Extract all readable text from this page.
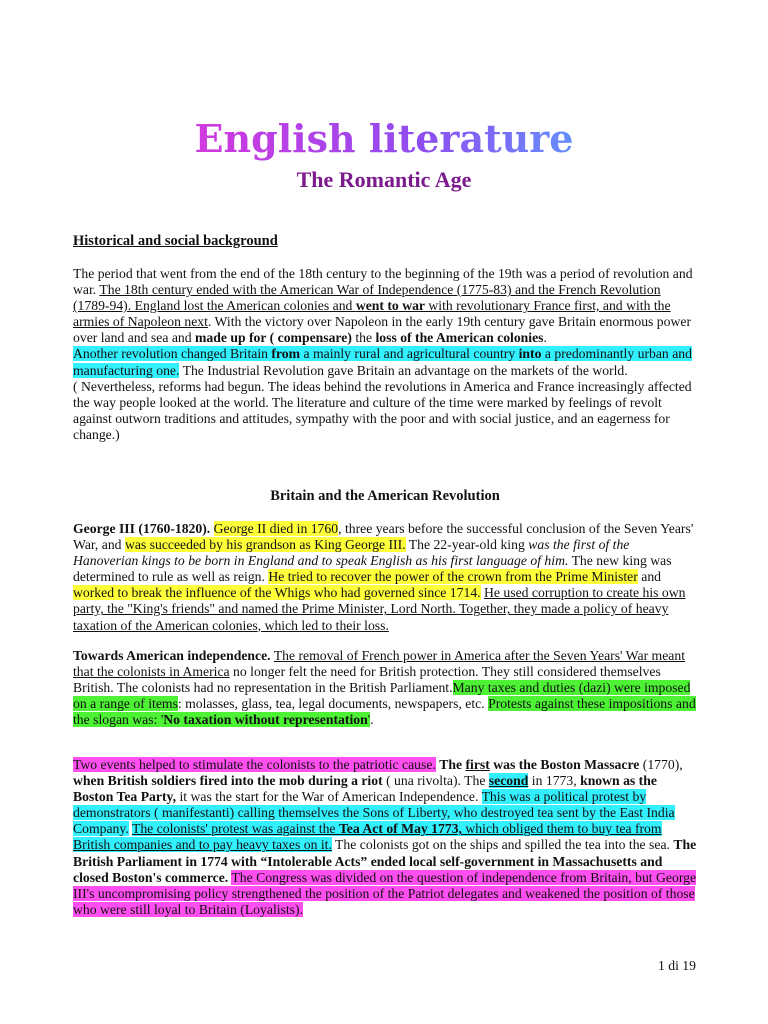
English literature
The Romantic Age

Historical and social background

The period that went from the end of the 18th century to the beginning of the 19th was a period of revolution and war. The 18th century ended with the American War of Independence (1775-83) and the French Revolution (1789-94). England lost the American colonies and went to war with revolutionary France first, and with the armies of Napoleon next. With the victory over Napoleon in the early 19th century gave Britain enormous power over land and sea and made up for ( compensare) the loss of the American colonies.

Another revolution changed Britain from a mainly rural and agricultural country into a predominantly urban and manufacturing one. The Industrial Revolution gave Britain an advantage on the markets of the world.

( Nevertheless, reforms had begun. The ideas behind the revolutions in America and France increasingly affected the way people looked at the world. The literature and culture of the time were marked by feelings of revolt against outworn traditions and attitudes, sympathy with the poor and with social justice, and an eagerness for change.)

Britain and the American Revolution

George III (1760-1820). George II died in 1760, three years before the successful conclusion of the Seven Years' War, and was succeeded by his grandson as King George III. The 22-year-old king was the first of the Hanoverian kings to be born in England and to speak English as his first language of him. The new king was determined to rule as well as reign. He tried to recover the power of the crown from the Prime Minister and worked to break the influence of the Whigs who had governed since 1714. He used corruption to create his own party, the "King's friends" and named the Prime Minister, Lord North. Together, they made a policy of heavy taxation of the American colonies, which led to their loss.

Towards American independence. The removal of French power in America after the Seven Years' War meant that the colonists in America no longer felt the need for British protection. They still considered themselves British. The colonists had no representation in the British Parliament.Many taxes and duties (dazi) were imposed on a range of items: molasses, glass, tea, legal documents, newspapers, etc. Protests against these impositions and the slogan was: 'No taxation without representation'.

Two events helped to stimulate the colonists to the patriotic cause. The first was the Boston Massacre (1770), when British soldiers fired into the mob during a riot ( una rivolta). The second in 1773, known as the Boston Tea Party, it was the start for the War of American Independence. This was a political protest by demonstrators ( manifestanti) calling themselves the Sons of Liberty, who destroyed tea sent by the East India Company. The colonists' protest was against the Tea Act of May 1773, which obliged them to buy tea from British companies and to pay heavy taxes on it. The colonists got on the ships and spilled the tea into the sea. The British Parliament in 1774 with “Intolerable Acts” ended local self-government in Massachusetts and closed Boston's commerce. The Congress was divided on the question of independence from Britain, but George III's uncompromising policy strengthened the position of the Patriot delegates and weakened the position of those who were still loyal to Britain (Loyalists).

1 di 19
